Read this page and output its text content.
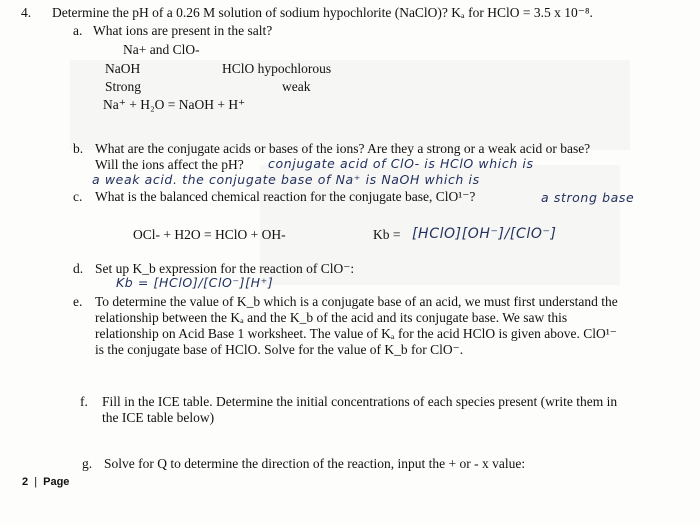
4. Determine the pH of a 0.26 M solution of sodium hypochlorite (NaClO)? Kₐ for HClO = 3.5 x 10⁻⁸.
a. What ions are present in the salt?
Na+ and ClO-
NaOH	HClO hypochlorous
Strong	weak
Na⁺ + H₂O = NaOH + H⁺
b. What are the conjugate acids or bases of the ions? Are they a strong or a weak acid or base?
Will the ions affect the pH? conjugate acid of ClO- is HClO which is
a weak acid. the conjugate base of Na⁺ is NaOH which is
c. What is the balanced chemical reaction for the conjugate base, ClO¹⁻?	a strong base
OCl- + H2O = HClO + OH-	Kb = [HClO][OH⁻]/[ClO⁻]
d. Set up K_b expression for the reaction of ClO⁻:
Kb = [HClO]/[ClO⁻][H⁺]
e. To determine the value of K_b which is a conjugate base of an acid, we must first understand the
relationship between the Kₐ and the K_b of the acid and its conjugate base. We saw this
relationship on Acid Base 1 worksheet. The value of Kₐ for the acid HClO is given above. ClO¹⁻
is the conjugate base of HClO. Solve for the value of K_b for ClO⁻.
f. Fill in the ICE table. Determine the initial concentrations of each species present (write them in
the ICE table below)
g. Solve for Q to determine the direction of the reaction, input the + or - x value:
2 | Page
